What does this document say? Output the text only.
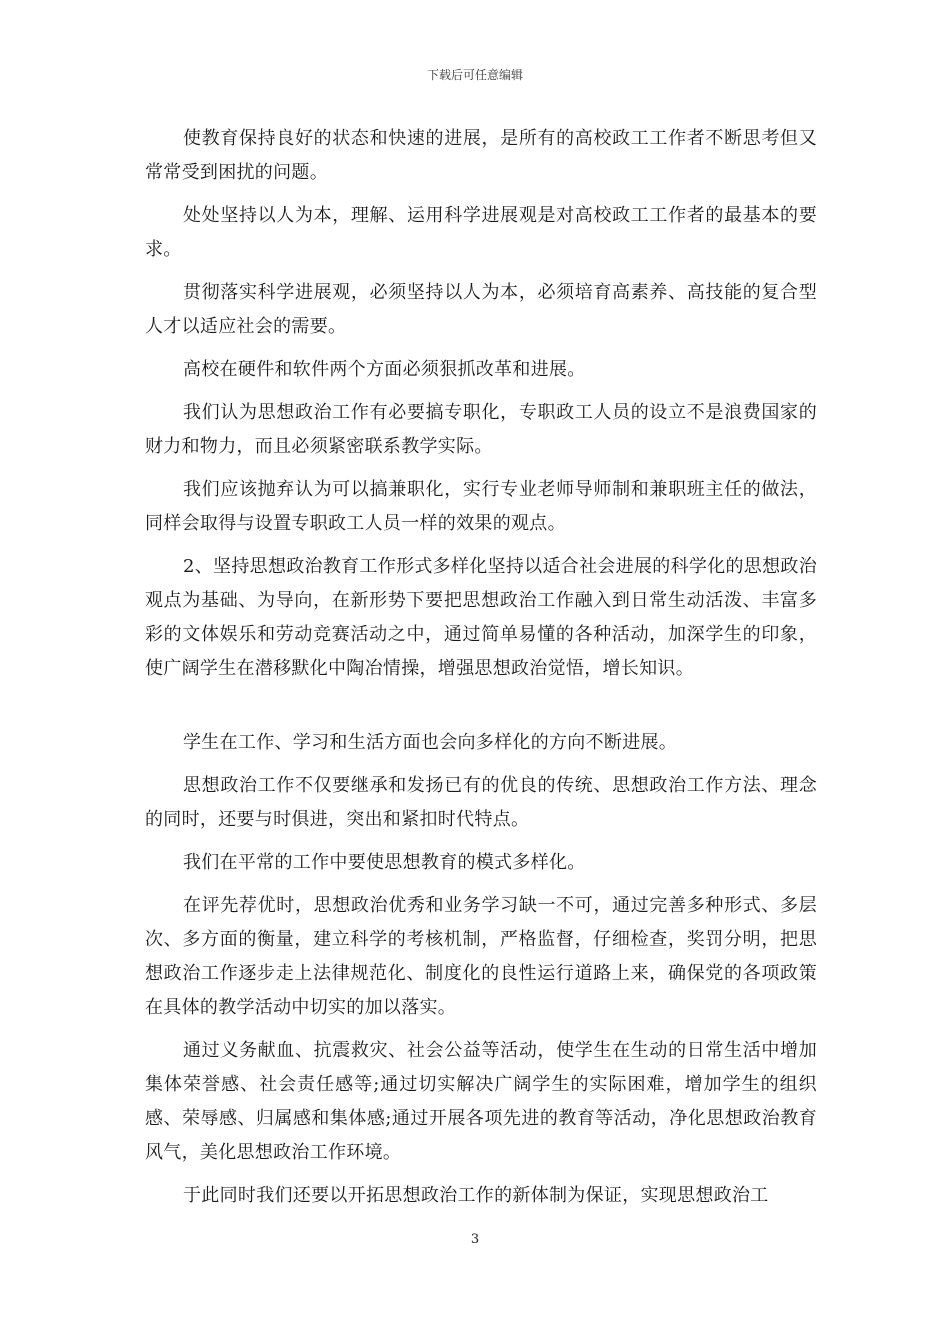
下载后可任意编辑

使教育保持良好的状态和快速的进展，是所有的高校政工工作者不断思考但又常常受到困扰的问题。

处处坚持以人为本，理解、运用科学进展观是对高校政工工作者的最基本的要求。

贯彻落实科学进展观，必须坚持以人为本，必须培育高素养、高技能的复合型人才以适应社会的需要。

高校在硬件和软件两个方面必须狠抓改革和进展。

我们认为思想政治工作有必要搞专职化，专职政工人员的设立不是浪费国家的财力和物力，而且必须紧密联系教学实际。

我们应该抛弃认为可以搞兼职化，实行专业老师导师制和兼职班主任的做法，同样会取得与设置专职政工人员一样的效果的观点。

2、坚持思想政治教育工作形式多样化坚持以适合社会进展的科学化的思想政治观点为基础、为导向，在新形势下要把思想政治工作融入到日常生动活泼、丰富多彩的文体娱乐和劳动竞赛活动之中，通过简单易懂的各种活动，加深学生的印象，使广阔学生在潜移默化中陶冶情操，增强思想政治觉悟，增长知识。

学生在工作、学习和生活方面也会向多样化的方向不断进展。

思想政治工作不仅要继承和发扬已有的优良的传统、思想政治工作方法、理念的同时，还要与时俱进，突出和紧扣时代特点。

我们在平常的工作中要使思想教育的模式多样化。

在评先荐优时，思想政治优秀和业务学习缺一不可，通过完善多种形式、多层次、多方面的衡量，建立科学的考核机制，严格监督，仔细检查，奖罚分明，把思想政治工作逐步走上法律规范化、制度化的良性运行道路上来，确保党的各项政策在具体的教学活动中切实的加以落实。

通过义务献血、抗震救灾、社会公益等活动，使学生在生动的日常生活中增加集体荣誉感、社会责任感等;通过切实解决广阔学生的实际困难，增加学生的组织感、荣辱感、归属感和集体感;通过开展各项先进的教育等活动，净化思想政治教育风气，美化思想政治工作环境。

于此同时我们还要以开拓思想政治工作的新体制为保证，实现思想政治工

3
